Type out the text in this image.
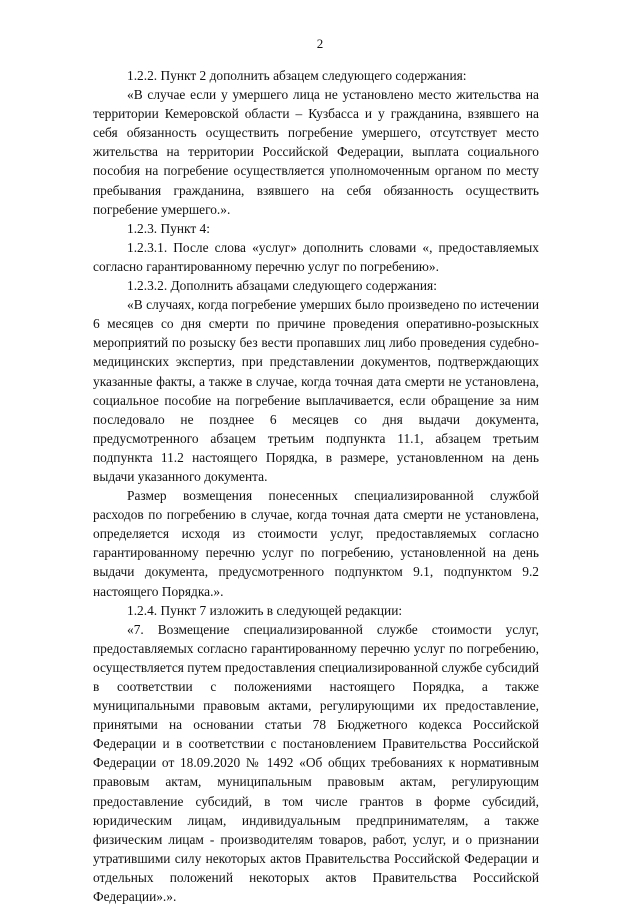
2

1.2.2. Пункт 2 дополнить абзацем следующего содержания:

«В случае если у умершего лица не установлено место жительства на территории Кемеровской области – Кузбасса и у гражданина, взявшего на себя обязанность осуществить погребение умершего, отсутствует место жительства на территории Российской Федерации, выплата социального пособия на погребение осуществляется уполномоченным органом по месту пребывания гражданина, взявшего на себя обязанность осуществить погребение умершего.».

1.2.3. Пункт 4:

1.2.3.1. После слова «услуг» дополнить словами «, предоставляемых согласно гарантированному перечню услуг по погребению».

1.2.3.2. Дополнить абзацами следующего содержания:

«В случаях, когда погребение умерших было произведено по истечении 6 месяцев со дня смерти по причине проведения оперативно-розыскных мероприятий по розыску без вести пропавших лиц либо проведения судебно-медицинских экспертиз, при представлении документов, подтверждающих указанные факты, а также в случае, когда точная дата смерти не установлена, социальное пособие на погребение выплачивается, если обращение за ним последовало не позднее 6 месяцев со дня выдачи документа, предусмотренного абзацем третьим подпункта 11.1, абзацем третьим подпункта 11.2 настоящего Порядка, в размере, установленном на день выдачи указанного документа.

Размер возмещения понесенных специализированной службой расходов по погребению в случае, когда точная дата смерти не установлена, определяется исходя из стоимости услуг, предоставляемых согласно гарантированному перечню услуг по погребению, установленной на день выдачи документа, предусмотренного подпунктом 9.1, подпунктом 9.2 настоящего Порядка.».

1.2.4. Пункт 7 изложить в следующей редакции:

«7. Возмещение специализированной службе стоимости услуг, предоставляемых согласно гарантированному перечню услуг по погребению, осуществляется путем предоставления специализированной службе субсидий в соответствии с положениями настоящего Порядка, а также муниципальными правовым актами, регулирующими их предоставление, принятыми на основании статьи 78 Бюджетного кодекса Российской Федерации и в соответствии с постановлением Правительства Российской Федерации от 18.09.2020 № 1492 «Об общих требованиях к нормативным правовым актам, муниципальным правовым актам, регулирующим предоставление субсидий, в том числе грантов в форме субсидий, юридическим лицам, индивидуальным предпринимателям, а также физическим лицам - производителям товаров, работ, услуг, и о признании утратившими силу некоторых актов Правительства Российской Федерации и отдельных положений некоторых актов Правительства Российской Федерации».».
